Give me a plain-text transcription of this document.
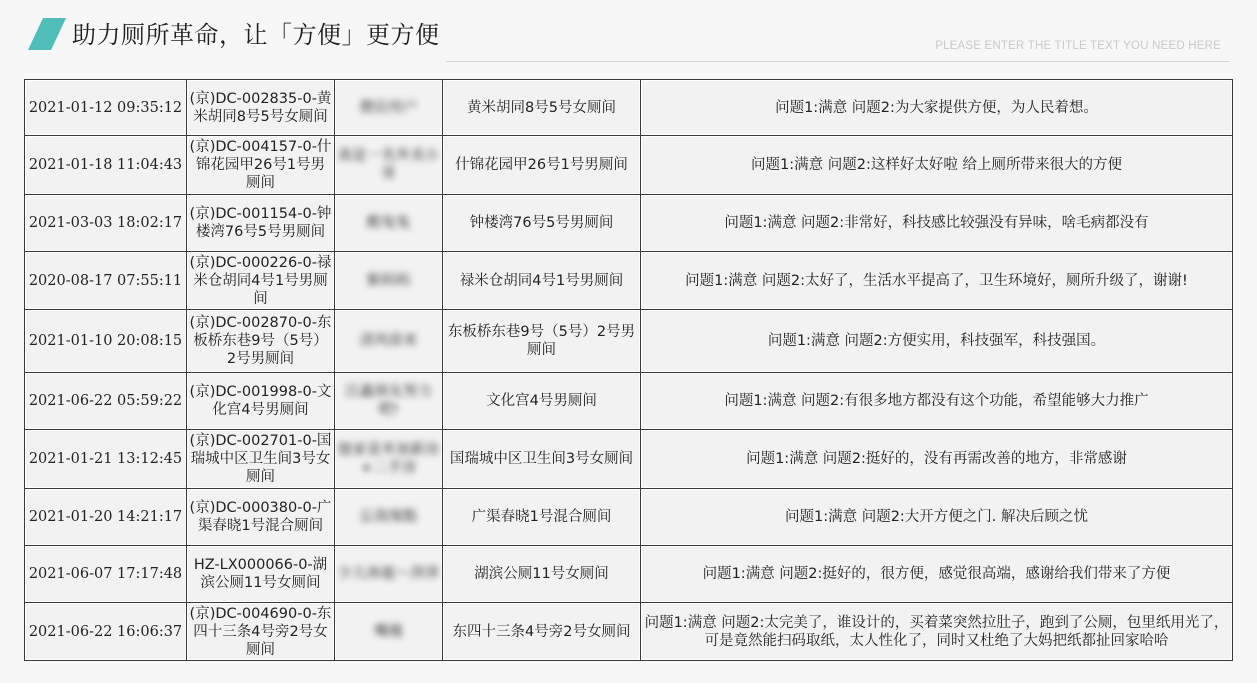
助力厕所革命，让「方便」更方便	PLEASE ENTER THE TITLE TEXT YOU NEED HERE
2021-01-12 09:35:12	(京)DC-002835-0-黄米胡同8号5号女厕间	微信用户	黄米胡同8号5号女厕间	问题1:满意 问题2:为大家提供方便，为人民着想。
2021-01-18 11:04:43	(京)DC-004157-0-什锦花园甲26号1号男厕间	我是一名外卖小哥	什锦花园甲26号1号男厕间	问题1:满意 问题2:这样好太好啦 给上厕所带来很大的方便
2021-03-03 18:02:17	(京)DC-001154-0-钟楼湾76号5号男厕间	酷兔兔	钟楼湾76号5号男厕间	问题1:满意 问题2:非常好，科技感比较强没有异味，啥毛病都没有
2020-08-17 07:55:11	(京)DC-000226-0-禄米仓胡同4号1号男厕间	猴妈妈	禄米仓胡同4号1号男厕间	问题1:满意 问题2:太好了，生活水平提高了，卫生环境好，厕所升级了，谢谢!
2021-01-10 20:08:15	(京)DC-002870-0-东板桥东巷9号（5号）2号男厕间	清风徐来	东板桥东巷9号（5号）2号男厕间	问题1:满意 问题2:方便实用，科技强军，科技强国。
2021-06-22 05:59:22	(京)DC-001998-0-文化宫4号男厕间	汪鑫朋友努力吧!	文化宫4号男厕间	问题1:满意 问题2:有很多地方都没有这个功能，希望能够大力推广
2021-01-21 13:12:45	(京)DC-002701-0-国瑞城中区卫生间3号女厕间	链家袁米加新房+二手房	国瑞城中区卫生间3号女厕间	问题1:满意 问题2:挺好的，没有再需改善的地方，非常感谢
2021-01-20 14:21:17	(京)DC-000380-0-广渠春晓1号混合厕间	忘我缘點	广渠春晓1号混合厕间	问题1:满意 问题2:大开方便之门. 解决后顾之忧
2021-06-07 17:17:48	HZ-LX000066-0-湖滨公厕11号女厕间	少儿体能～萍萍	湖滨公厕11号女厕间	问题1:满意 问题2:挺好的，很方便，感觉很高端，感谢给我们带来了方便
2021-06-22 16:06:37	(京)DC-004690-0-东四十三条4号旁2号女厕间	嘴嫚	东四十三条4号旁2号女厕间	问题1:满意 问题2:太完美了，谁设计的，买着菜突然拉肚子，跑到了公厕，包里纸用光了，可是竟然能扫码取纸，太人性化了，同时又杜绝了大妈把纸都扯回家哈哈
